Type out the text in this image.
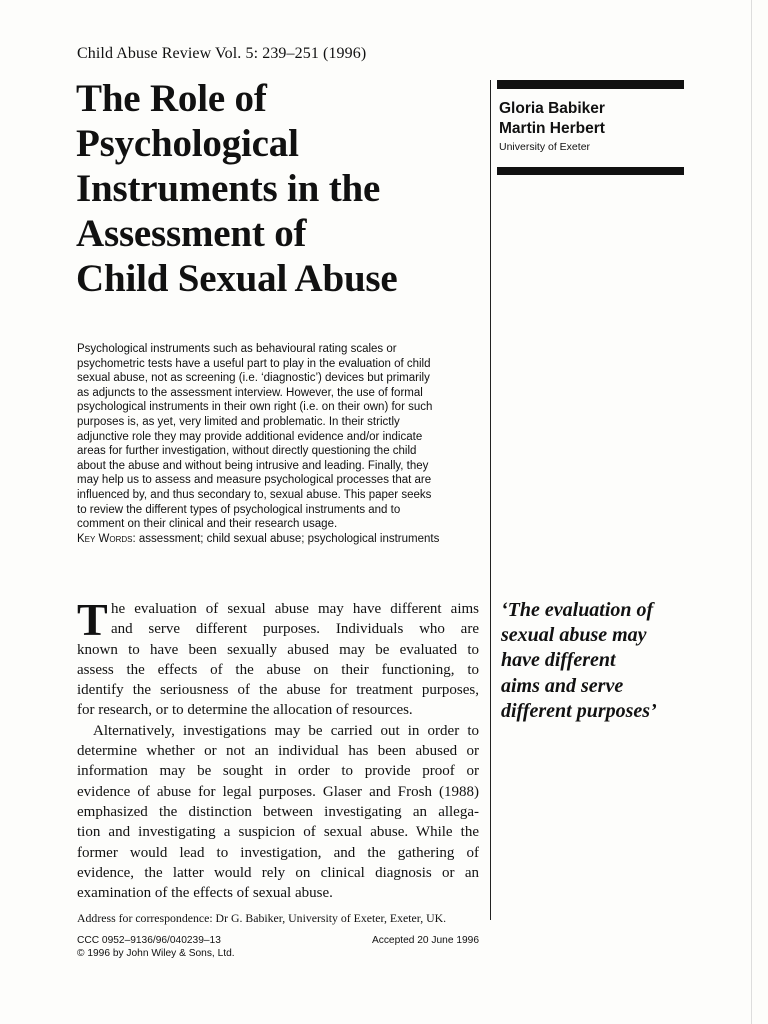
Child Abuse Review Vol. 5: 239–251 (1996)
The Role of
Psychological
Instruments in the
Assessment of
Child Sexual Abuse
Gloria Babiker
Martin Herbert
University of Exeter
Psychological instruments such as behavioural rating scales or
psychometric tests have a useful part to play in the evaluation of child
sexual abuse, not as screening (i.e. ‘diagnostic’) devices but primarily
as adjuncts to the assessment interview. However, the use of formal
psychological instruments in their own right (i.e. on their own) for such
purposes is, as yet, very limited and problematic. In their strictly
adjunctive role they may provide additional evidence and/or indicate
areas for further investigation, without directly questioning the child
about the abuse and without being intrusive and leading. Finally, they
may help us to assess and measure psychological processes that are
influenced by, and thus secondary to, sexual abuse. This paper seeks
to review the different types of psychological instruments and to
comment on their clinical and their research usage.
Key Words: assessment; child sexual abuse; psychological instruments
T he evaluation of sexual abuse may have different aims
and serve different purposes. Individuals who are
known to have been sexually abused may be evaluated to
assess the effects of the abuse on their functioning, to
identify the seriousness of the abuse for treatment purposes,
for research, or to determine the allocation of resources.
Alternatively, investigations may be carried out in order to
determine whether or not an individual has been abused or
information may be sought in order to provide proof or
evidence of abuse for legal purposes. Glaser and Frosh (1988)
emphasized the distinction between investigating an allega-
tion and investigating a suspicion of sexual abuse. While the
former would lead to investigation, and the gathering of
evidence, the latter would rely on clinical diagnosis or an
examination of the effects of sexual abuse.
‘The evaluation of
sexual abuse may
have different
aims and serve
different purposes’
Address for correspondence: Dr G. Babiker, University of Exeter, Exeter, UK.
CCC 0952–9136/96/040239–13	Accepted 20 June 1996
© 1996 by John Wiley & Sons, Ltd.
